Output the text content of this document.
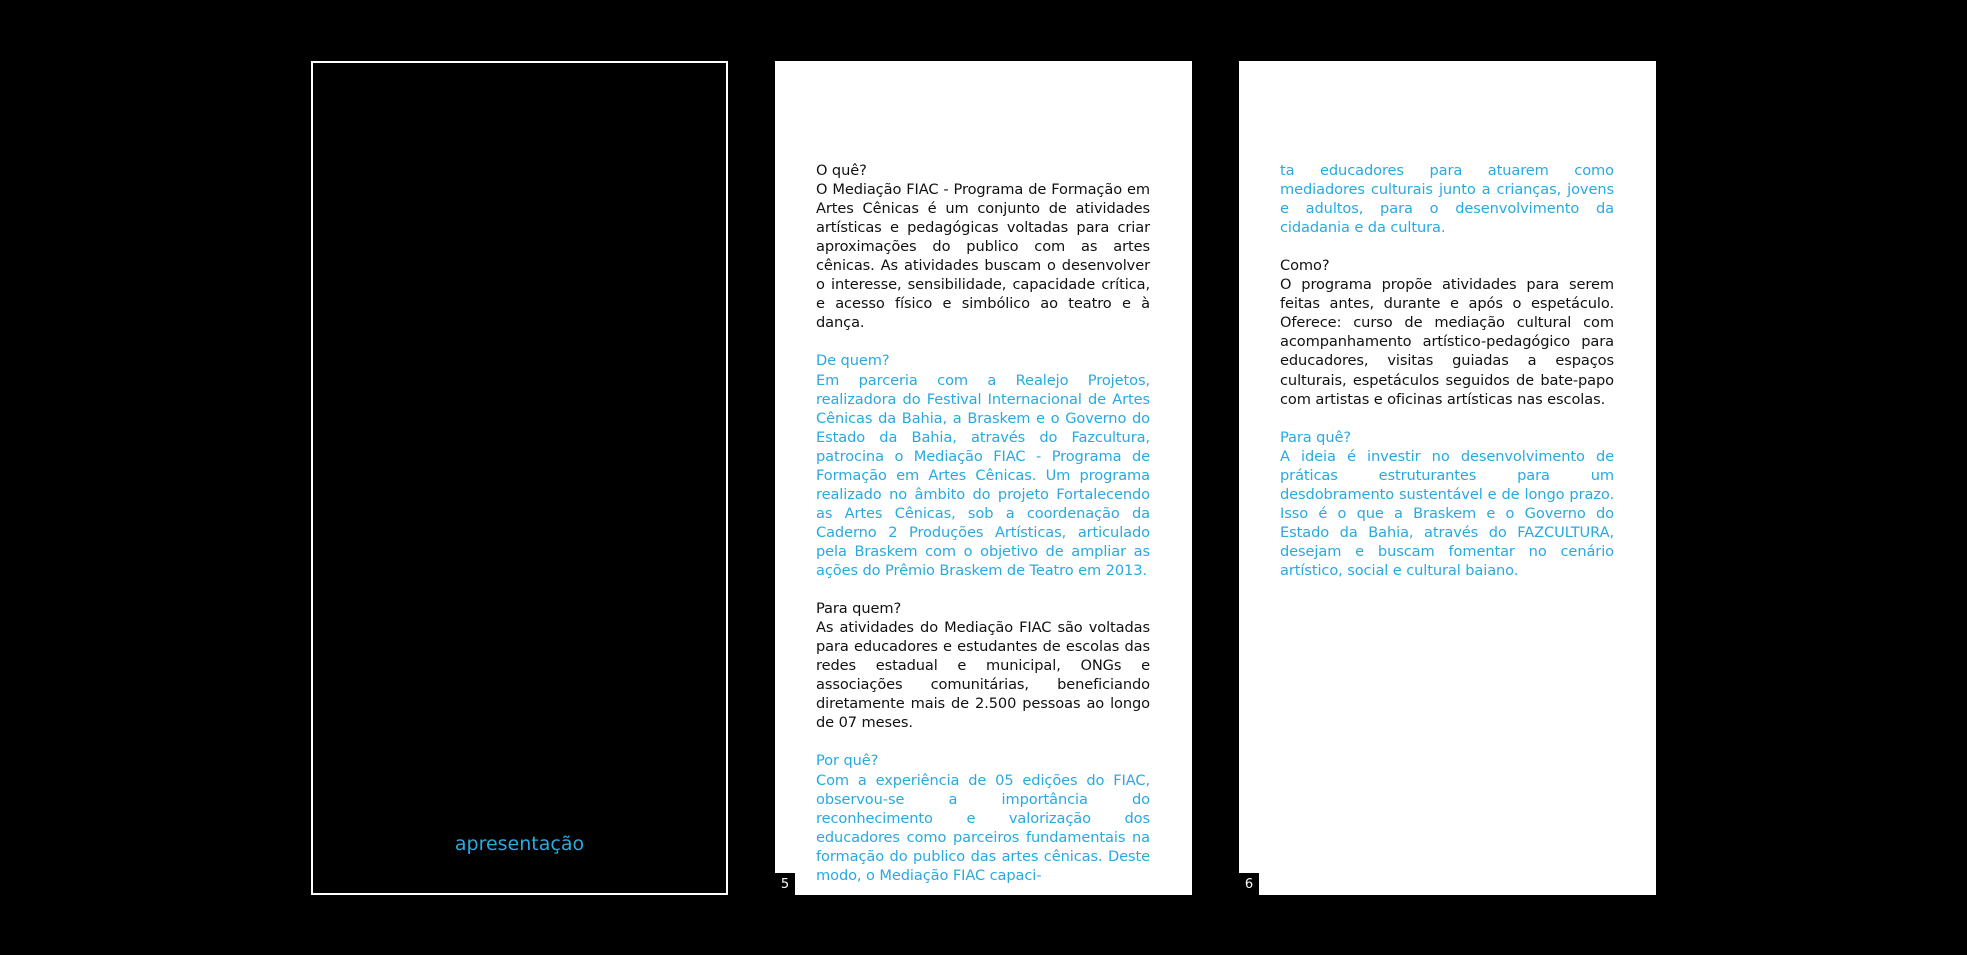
apresentação
O quê?

O Mediação FIAC - Programa de Formação em Artes Cênicas é um conjunto de atividades artísticas e pedagógicas voltadas para criar aproximações do publico com as artes cênicas. As atividades buscam o desenvolver o interesse, sensibilidade, capacidade crítica, e acesso físico e simbólico ao teatro e à dança.

De quem?

Em parceria com a Realejo Projetos, realizadora do Festival Internacional de Artes Cênicas da Bahia, a Braskem e o Governo do Estado da Bahia, através do Fazcultura, patrocina o Mediação FIAC - Programa de Formação em Artes Cênicas. Um programa realizado no âmbito do projeto Fortalecendo as Artes Cênicas, sob a coordenação da Caderno 2 Produções Artísticas, articulado pela Braskem com o objetivo de ampliar as ações do Prêmio Braskem de Teatro em 2013.

Para quem?

As atividades do Mediação FIAC são voltadas para educadores e estudantes de escolas das redes estadual e municipal, ONGs e associações comunitárias, beneficiando diretamente mais de 2.500 pessoas ao longo de 07 meses.

Por quê?

Com a experiência de 05 edições do FIAC, observou-se a importância do reconhecimento e valorização dos educadores como parceiros fundamentais na formação do publico das artes cênicas. Deste modo, o Mediação FIAC capaci-

5

ta educadores para atuarem como mediadores culturais junto a crianças, jovens e adultos, para o desenvolvimento da cidadania e da cultura.

Como?

O programa propõe atividades para serem feitas antes, durante e após o espetáculo. Oferece: curso de mediação cultural com acompanhamento artístico-pedagógico para educadores, visitas guiadas a espaços culturais, espetáculos seguidos de bate-papo com artistas e oficinas artísticas nas escolas.

Para quê?

A ideia é investir no desenvolvimento de práticas estruturantes para um desdobramento sustentável e de longo prazo. Isso é o que a Braskem e o Governo do Estado da Bahia, através do FAZCULTURA, desejam e buscam fomentar no cenário artístico, social e cultural baiano.

6
